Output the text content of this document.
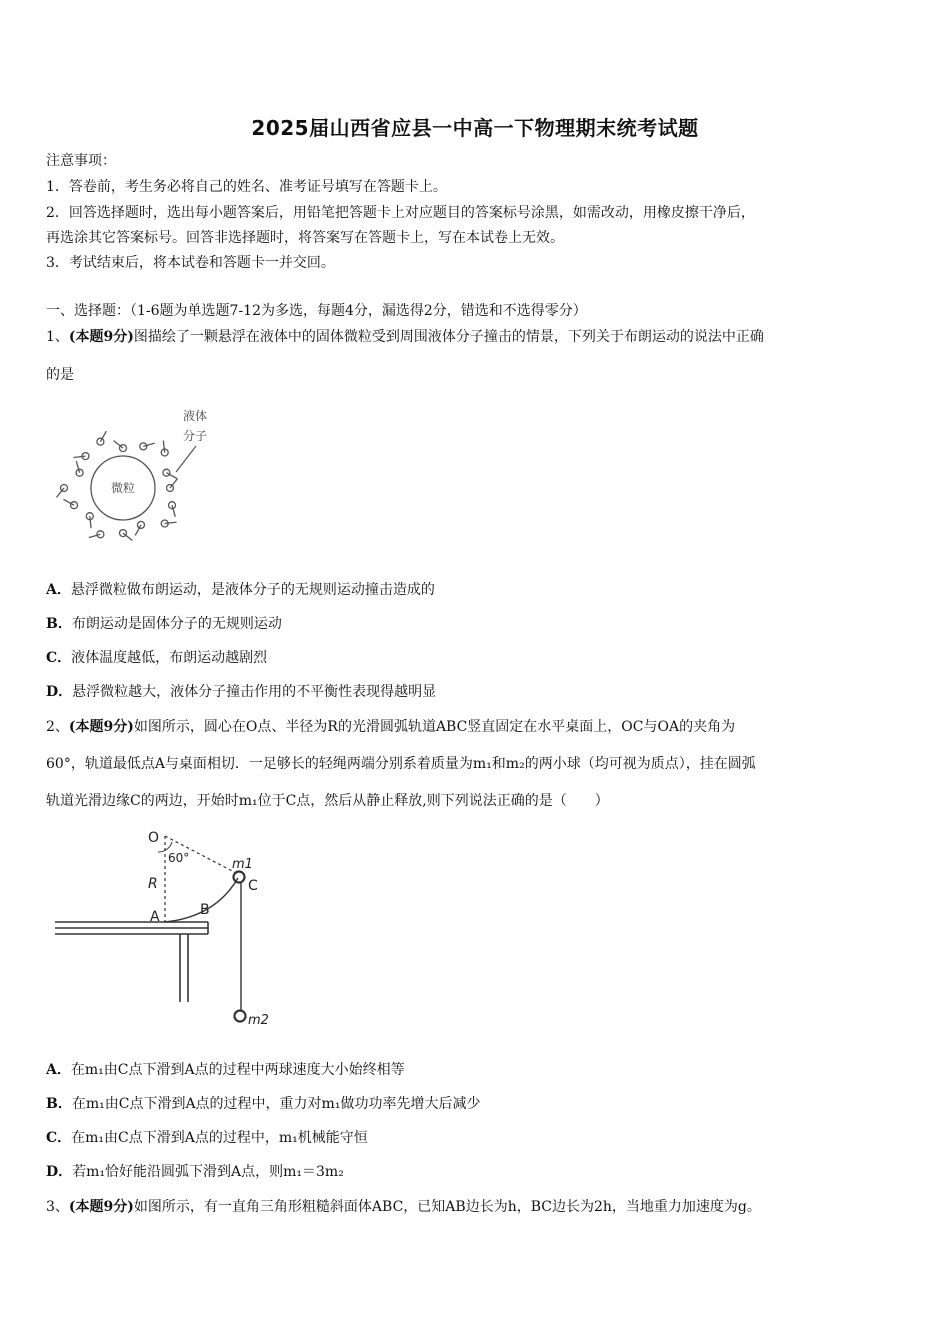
2025届山西省应县一中高一下物理期末统考试题
注意事项：
1．答卷前，考生务必将自己的姓名、准考证号填写在答题卡上。
2．回答选择题时，选出每小题答案后，用铅笔把答题卡上对应题目的答案标号涂黑，如需改动，用橡皮擦干净后，
再选涂其它答案标号。回答非选择题时，将答案写在答题卡上，写在本试卷上无效。
3．考试结束后，将本试卷和答题卡一并交回。
一、选择题：（1-6题为单选题7-12为多选，每题4分，漏选得2分，错选和不选得零分）
1、(本题9分)图描绘了一颗悬浮在液体中的固体微粒受到周围液体分子撞击的情景，下列关于布朗运动的说法中正确
的是
微粒
液体
分子
A．悬浮微粒做布朗运动，是液体分子的无规则运动撞击造成的
B．布朗运动是固体分子的无规则运动
C．液体温度越低，布朗运动越剧烈
D．悬浮微粒越大，液体分子撞击作用的不平衡性表现得越明显
2、(本题9分)如图所示，圆心在O点、半径为R的光滑圆弧轨道ABC竖直固定在水平桌面上，OC与OA的夹角为
60°，轨道最低点A与桌面相切．一足够长的轻绳两端分别系着质量为m₁和m₂的两小球（均可视为质点），挂在圆弧
轨道光滑边缘C的两边，开始时m₁位于C点，然后从静止释放,则下列说法正确的是（　　）
O
60°
R
A	B
C
m1
m2
A．在m₁由C点下滑到A点的过程中两球速度大小始终相等
B．在m₁由C点下滑到A点的过程中，重力对m₁做功功率先增大后减少
C．在m₁由C点下滑到A点的过程中，m₁机械能守恒
D．若m₁恰好能沿圆弧下滑到A点，则m₁＝3m₂
3、(本题9分)如图所示，有一直角三角形粗糙斜面体ABC，已知AB边长为h，BC边长为2h，当地重力加速度为g。
